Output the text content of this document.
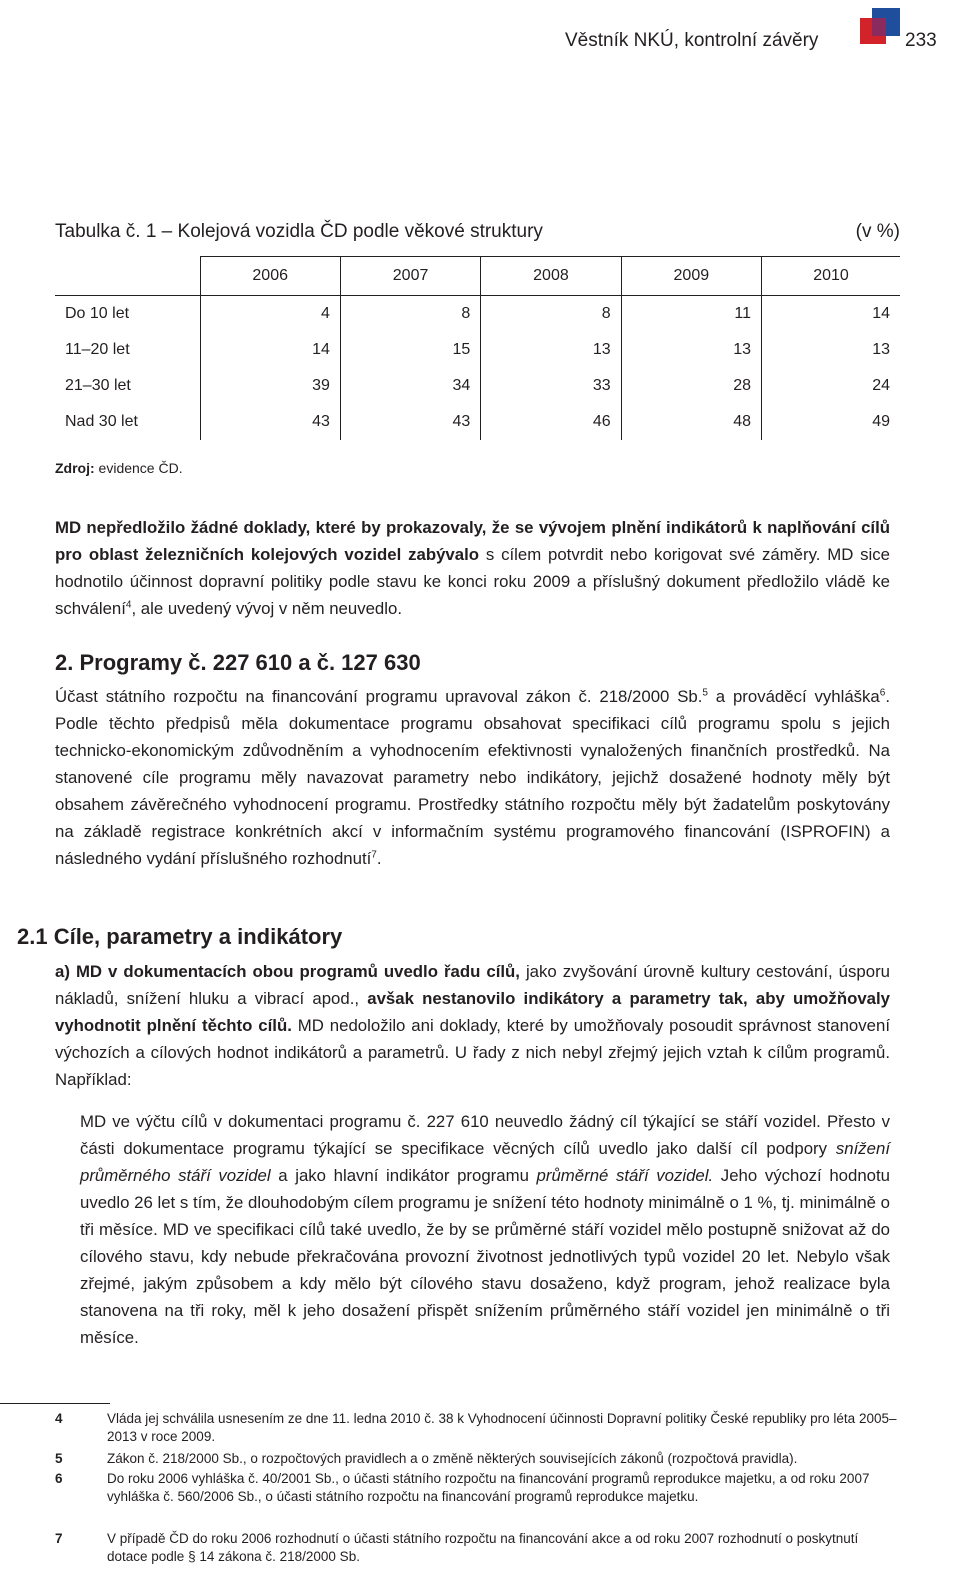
Věstník NKÚ, kontrolní závěry	233
Tabulka č. 1 – Kolejová vozidla ČD podle věkové struktury	(v %)
	2006	2007	2008	2009	2010
Do 10 let	4	8	8	11	14
11–20 let	14	15	13	13	13
21–30 let	39	34	33	28	24
Nad 30 let	43	43	46	48	49
Zdroj: evidence ČD.

MD nepředložilo žádné doklady, které by prokazovaly, že se vývojem plnění indikátorů k naplňování cílů pro oblast železničních kolejových vozidel zabývalo s cílem potvrdit nebo korigovat své záměry. MD sice hodnotilo účinnost dopravní politiky podle stavu ke konci roku 2009 a příslušný dokument předložilo vládě ke schválení$^4$, ale uvedený vývoj v něm neuvedlo.

2. Programy č. 227 610 a č. 127 630

Účast státního rozpočtu na financování programu upravoval zákon č. 218/2000 Sb.$^5$ a prováděcí vyhláška$^6$. Podle těchto předpisů měla dokumentace programu obsahovat specifikaci cílů programu spolu s jejich technicko-ekonomickým zdůvodněním a vyhodnocením efektivnosti vynaložených finančních prostředků. Na stanovené cíle programu měly navazovat parametry nebo indikátory, jejichž dosažené hodnoty měly být obsahem závěrečného vyhodnocení programu. Prostředky státního rozpočtu měly být žadatelům poskytovány na základě registrace konkrétních akcí v informačním systému programového financování (ISPROFIN) a následného vydání příslušného rozhodnutí$^7$.

2.1 Cíle, parametry a indikátory

a) MD v dokumentacích obou programů uvedlo řadu cílů, jako zvyšování úrovně kultury cestování, úsporu nákladů, snížení hluku a vibrací apod., avšak nestanovilo indikátory a parametry tak, aby umožňovaly vyhodnotit plnění těchto cílů. MD nedoložilo ani doklady, které by umožňovaly posoudit správnost stanovení výchozích a cílových hodnot indikátorů a parametrů. U řady z nich nebyl zřejmý jejich vztah k cílům programů. Například:

MD ve výčtu cílů v dokumentaci programu č. 227 610 neuvedlo žádný cíl týkající se stáří vozidel. Přesto v části dokumentace programu týkající se specifikace věcných cílů uvedlo jako další cíl podpory snížení průměrného stáří vozidel a jako hlavní indikátor programu průměrné stáří vozidel. Jeho výchozí hodnotu uvedlo 26 let s tím, že dlouhodobým cílem programu je snížení této hodnoty minimálně o 1 %, tj. minimálně o tři měsíce. MD ve specifikaci cílů také uvedlo, že by se průměrné stáří vozidel mělo postupně snižovat až do cílového stavu, kdy nebude překračována provozní životnost jednotlivých typů vozidel 20 let. Nebylo však zřejmé, jakým způsobem a kdy mělo být cílového stavu dosaženo, když program, jehož realizace byla stanovena na tři roky, měl k jeho dosažení přispět snížením průměrného stáří vozidel jen minimálně o tři měsíce.

4	Vláda jej schválila usnesením ze dne 11. ledna 2010 č. 38 k Vyhodnocení účinnosti Dopravní politiky České republiky pro léta 2005–2013 v roce 2009.
5	Zákon č. 218/2000 Sb., o rozpočtových pravidlech a o změně některých souvisejících zákonů (rozpočtová pravidla).
6	Do roku 2006 vyhláška č. 40/2001 Sb., o účasti státního rozpočtu na financování programů reprodukce majetku, a od roku 2007 vyhláška č. 560/2006 Sb., o účasti státního rozpočtu na financování programů reprodukce majetku.
7	V případě ČD do roku 2006 rozhodnutí o účasti státního rozpočtu na financování akce a od roku 2007 rozhodnutí o poskytnutí dotace podle § 14 zákona č. 218/2000 Sb.
